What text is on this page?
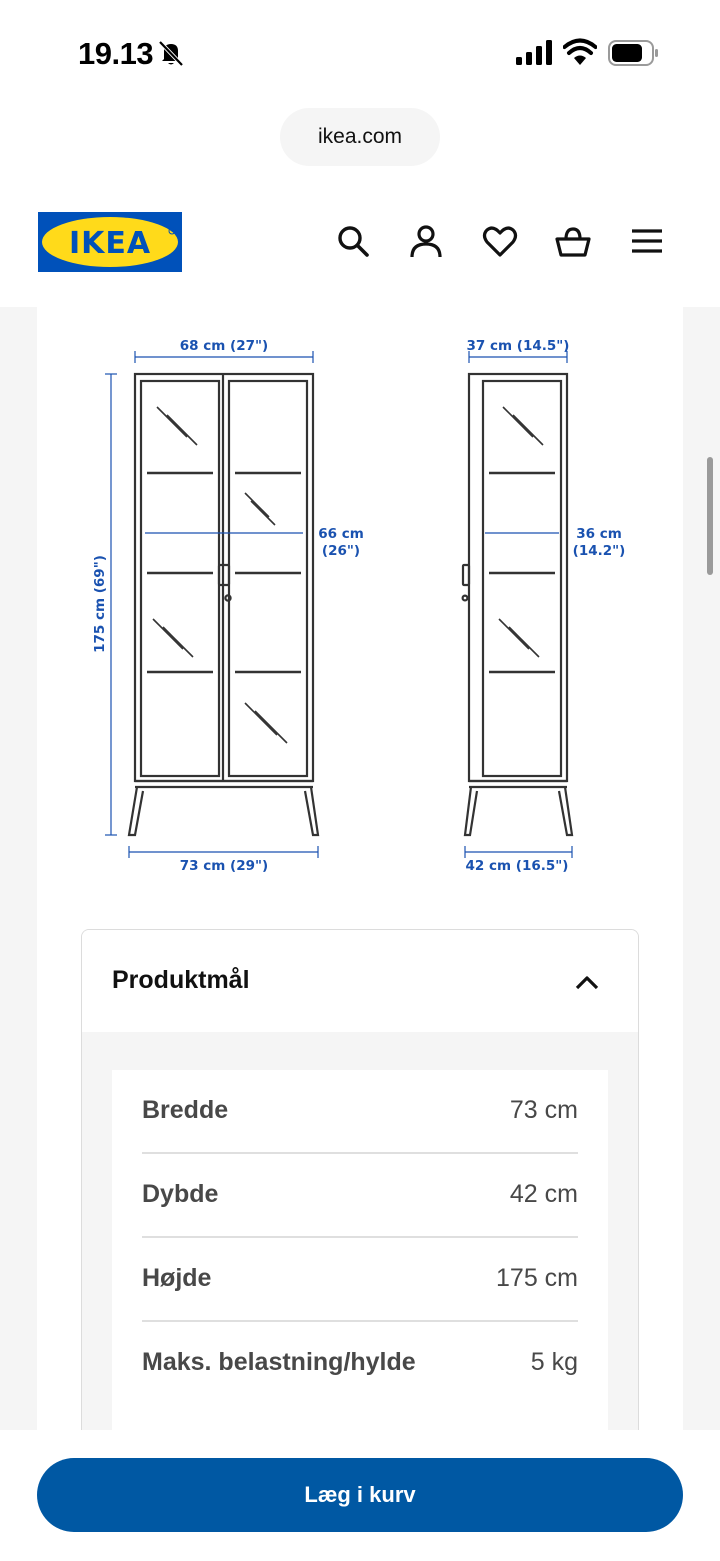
19.13
ikea.com
IKEA
68 cm (27")
66 cm
(26")
175 cm (69")
73 cm (29")
37 cm (14.5")
36 cm
(14.2")
42 cm (16.5")
Produktmål
Bredde	73 cm
Dybde	42 cm
Højde	175 cm
Maks. belastning/hylde	5 kg
Læg i kurv
